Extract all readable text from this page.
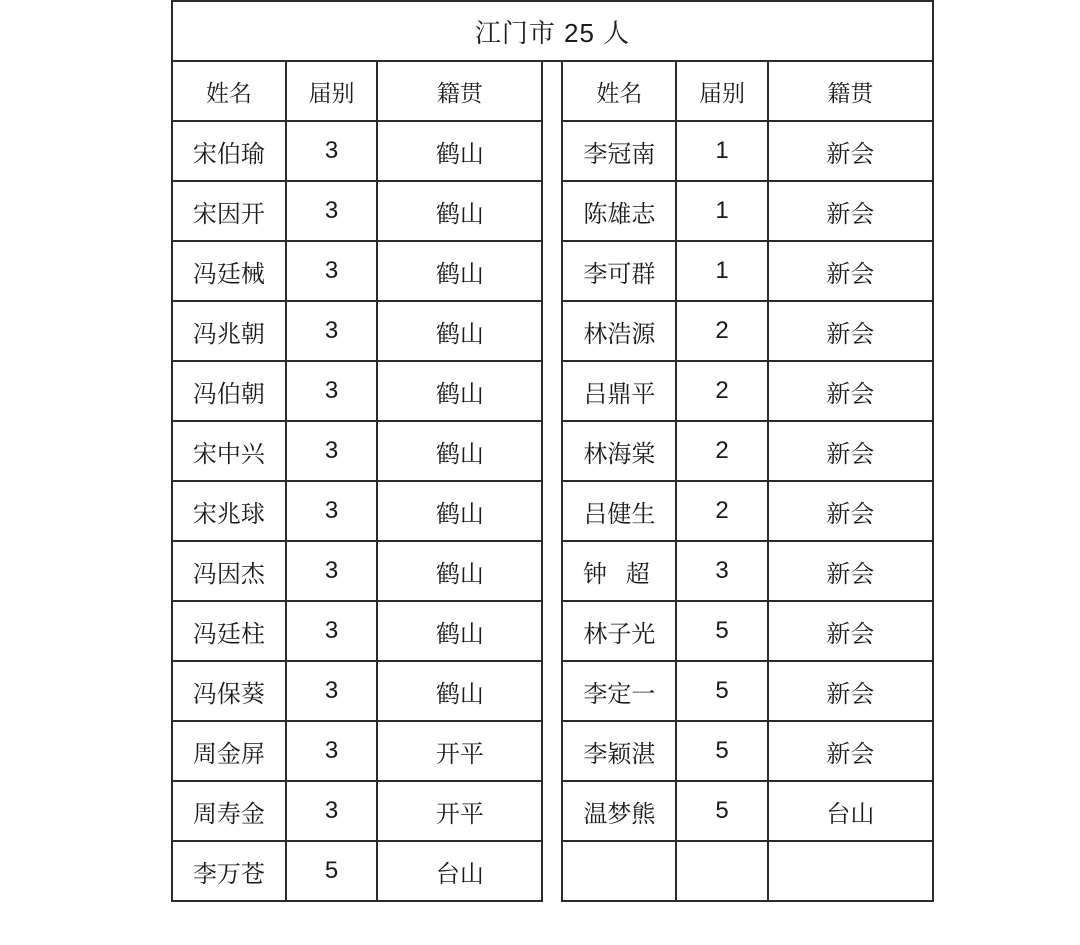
江门市 25 人						
姓名	届别	籍贯		姓名	届别	籍贯
宋伯瑜	3	鹤山		李冠南	1	新会
宋因开	3	鹤山		陈雄志	1	新会
冯廷械	3	鹤山		李可群	1	新会
冯兆朝	3	鹤山		林浩源	2	新会
冯伯朝	3	鹤山		吕鼎平	2	新会
宋中兴	3	鹤山		林海棠	2	新会
宋兆球	3	鹤山		吕健生	2	新会
冯因杰	3	鹤山		钟 超	3	新会
冯廷柱	3	鹤山		林子光	5	新会
冯保葵	3	鹤山		李定一	5	新会
周金屏	3	开平		李颖湛	5	新会
周寿金	3	开平		温梦熊	5	台山
李万苍	5	台山				
